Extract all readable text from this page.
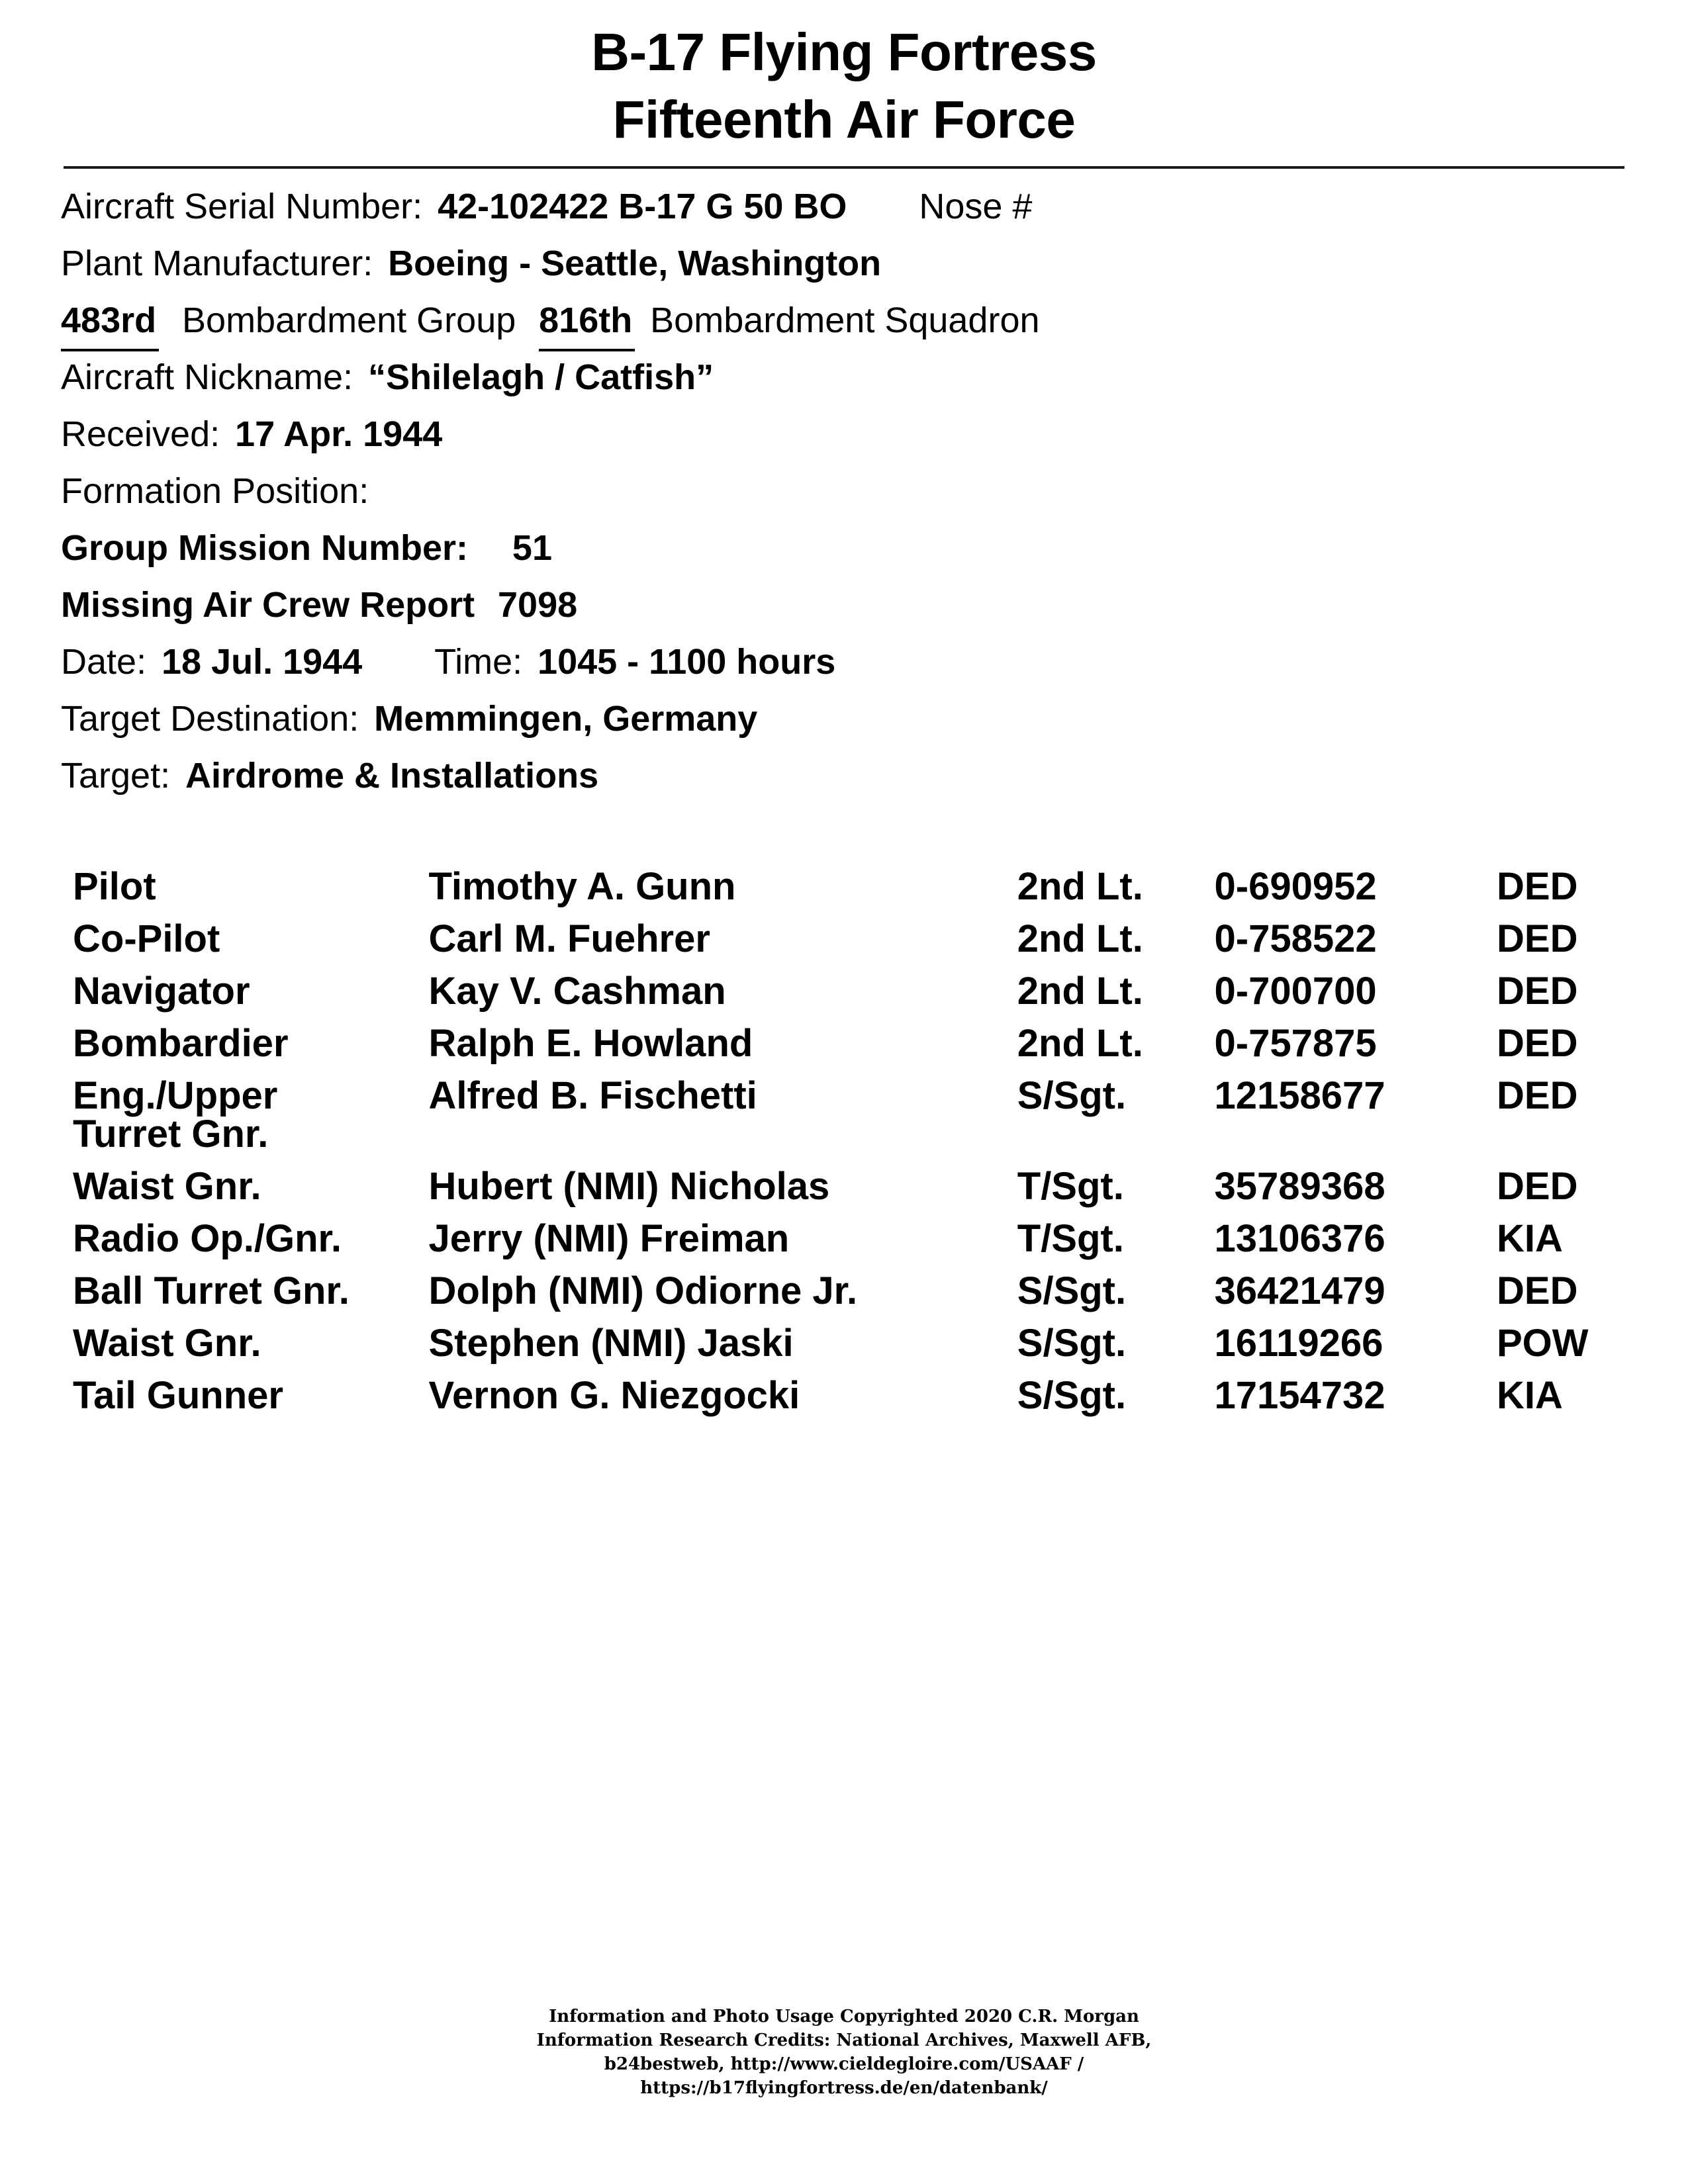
B-17 Flying Fortress
Fifteenth Air Force
Aircraft Serial Number: 42-102422 B-17 G 50 BO Nose #
Plant Manufacturer: Boeing - Seattle, Washington
483rd Bombardment Group 816th Bombardment Squadron
Aircraft Nickname: “Shilelagh / Catfish”
Received: 17 Apr. 1944
Formation Position:
Group Mission Number: 51
Missing Air Crew Report 7098
Date: 18 Jul. 1944 Time: 1045 - 1100 hours
Target Destination: Memmingen, Germany
Target: Airdrome & Installations
Pilot	Timothy A. Gunn	2nd Lt.	0-690952	DED

Co-Pilot	Carl M. Fuehrer	2nd Lt.	0-758522	DED

Navigator	Kay V. Cashman	2nd Lt.	0-700700	DED

Bombardier	Ralph E. Howland	2nd Lt.	0-757875	DED

Eng./Upper
Turret Gnr.	Alfred B. Fischetti	S/Sgt.	12158677	DED

Waist Gnr.	Hubert (NMI) Nicholas	T/Sgt.	35789368	DED

Radio Op./Gnr.	Jerry (NMI) Freiman	T/Sgt.	13106376	KIA

Ball Turret Gnr.	Dolph (NMI) Odiorne Jr.	S/Sgt.	36421479	DED

Waist Gnr.	Stephen (NMI) Jaski	S/Sgt.	16119266	POW

Tail Gunner	Vernon G. Niezgocki	S/Sgt.	17154732	KIA
Information and Photo Usage Copyrighted 2020 C.R. Morgan
Information Research Credits: National Archives, Maxwell AFB,
b24bestweb, http://www.cieldegloire.com/USAAF /
https://b17flyingfortress.de/en/datenbank/
